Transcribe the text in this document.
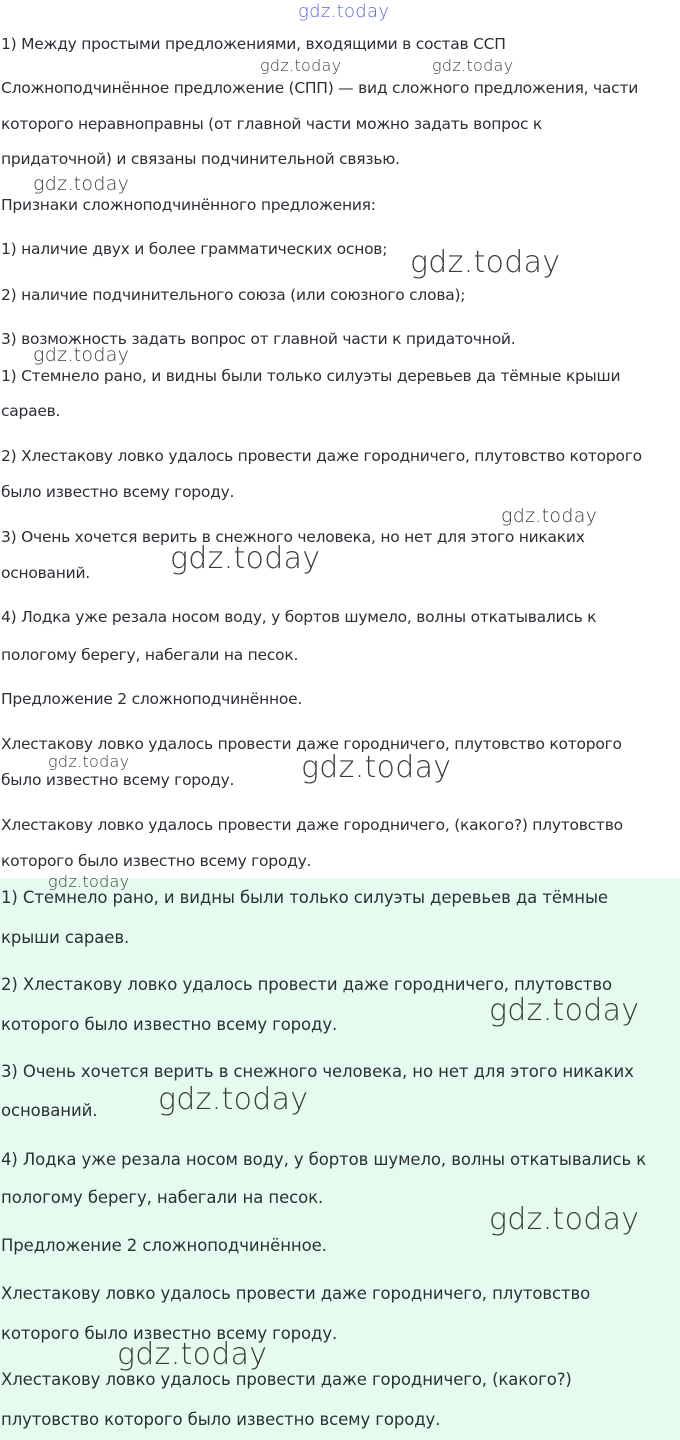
1) Между простыми предложениями, входящими в состав ССП
Сложноподчинённое предложение (СПП) — вид сложного предложения, части
которого неравноправны (от главной части можно задать вопрос к
придаточной) и связаны подчинительной связью.
Признаки сложноподчинённого предложения:
1) наличие двух и более грамматических основ;
2) наличие подчинительного союза (или союзного слова);
3) возможность задать вопрос от главной части к придаточной.
1) Стемнело рано, и видны были только силуэты деревьев да тёмные крыши
сараев.
2) Хлестакову ловко удалось провести даже городничего, плутовство которого
было известно всему городу.
3) Очень хочется верить в снежного человека, но нет для этого никаких
оснований.
4) Лодка уже резала носом воду, у бортов шумело, волны откатывались к
пологому берегу, набегали на песок.
Предложение 2 сложноподчинённое.
Хлестакову ловко удалось провести даже городничего, плутовство которого
было известно всему городу.
Хлестакову ловко удалось провести даже городничего, (какого?) плутовство
которого было известно всему городу.
1) Стемнело рано, и видны были только силуэты деревьев да тёмные
крыши сараев.
2) Хлестакову ловко удалось провести даже городничего, плутовство
которого было известно всему городу.
3) Очень хочется верить в снежного человека, но нет для этого никаких
оснований.
4) Лодка уже резала носом воду, у бортов шумело, волны откатывались к
пологому берегу, набегали на песок.
Предложение 2 сложноподчинённое.
Хлестакову ловко удалось провести даже городничего, плутовство
которого было известно всему городу.
Хлестакову ловко удалось провести даже городничего, (какого?)
плутовство которого было известно всему городу.
gdz.today
gdz.today	gdz.today
gdz.today
gdz.today
gdz.today
gdz.today
gdz.today
gdz.today	gdz.today
gdz.today
gdz.today
gdz.today
gdz.today
gdz.today
